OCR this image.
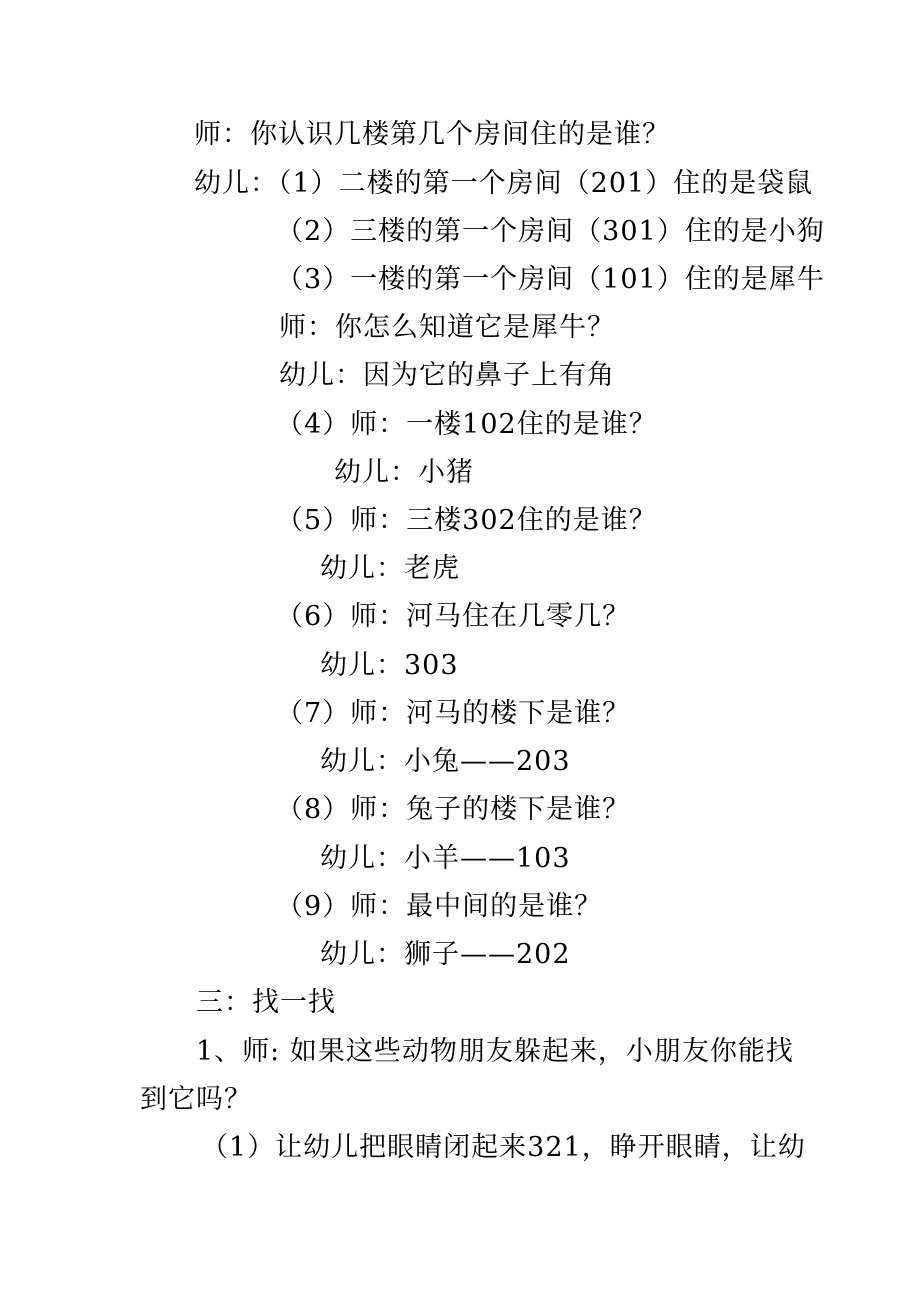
师：你认识几楼第几个房间住的是谁？
幼儿：（1）二楼的第一个房间（201）住的是袋鼠
（2）三楼的第一个房间（301）住的是小狗
（3）一楼的第一个房间（101）住的是犀牛
师：你怎么知道它是犀牛？
幼儿：因为它的鼻子上有角
（4）师：一楼102住的是谁？
幼儿：小猪
（5）师：三楼302住的是谁？
幼儿：老虎
（6）师：河马住在几零几？
幼儿：303
（7）师：河马的楼下是谁？
幼儿：小兔——203
（8）师：兔子的楼下是谁？
幼儿：小羊——103
（9）师：最中间的是谁？
幼儿：狮子——202
三：找一找
1、师: 如果这些动物朋友躲起来，小朋友你能找
到它吗？
（1）让幼儿把眼睛闭起来321，睁开眼睛，让幼
